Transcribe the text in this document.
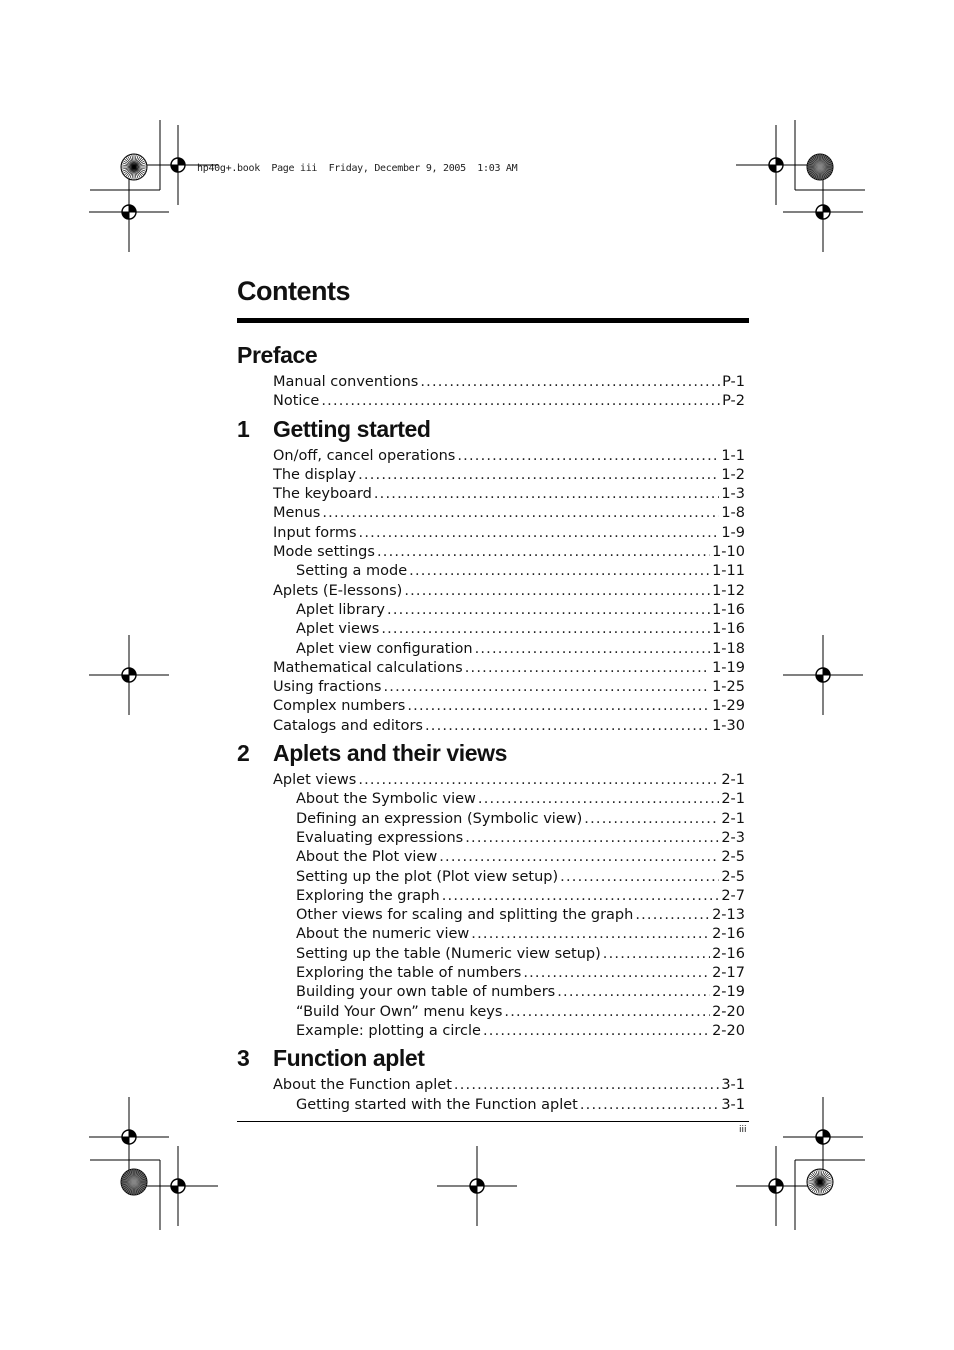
hp40g+.book  Page iii  Friday, December 9, 2005  1:03 AM
Contents
Preface
Manual conventions .....	P-1
Notice .....	P-2
1 Getting started
On/off, cancel operations .....	1-1
The display .....	1-2
The keyboard .....	1-3
Menus .....	1-8
Input forms .....	1-9
Mode settings .....	1-10
Setting a mode .....	1-11
Aplets (E-lessons) .....	1-12
Aplet library .....	1-16
Aplet views .....	1-16
Aplet view configuration .....	1-18
Mathematical calculations .....	1-19
Using fractions .....	1-25
Complex numbers .....	1-29
Catalogs and editors .....	1-30
2 Aplets and their views
Aplet views .....	2-1
About the Symbolic view .....	2-1
Defining an expression (Symbolic view) .....	2-1
Evaluating expressions .....	2-3
About the Plot view .....	2-5
Setting up the plot (Plot view setup) .....	2-5
Exploring the graph .....	2-7
Other views for scaling and splitting the graph .....	2-13
About the numeric view .....	2-16
Setting up the table (Numeric view setup) .....	2-16
Exploring the table of numbers .....	2-17
Building your own table of numbers .....	2-19
“Build Your Own” menu keys .....	2-20
Example: plotting a circle .....	2-20
3 Function aplet
About the Function aplet .....	3-1
Getting started with the Function aplet .....	3-1
iii
